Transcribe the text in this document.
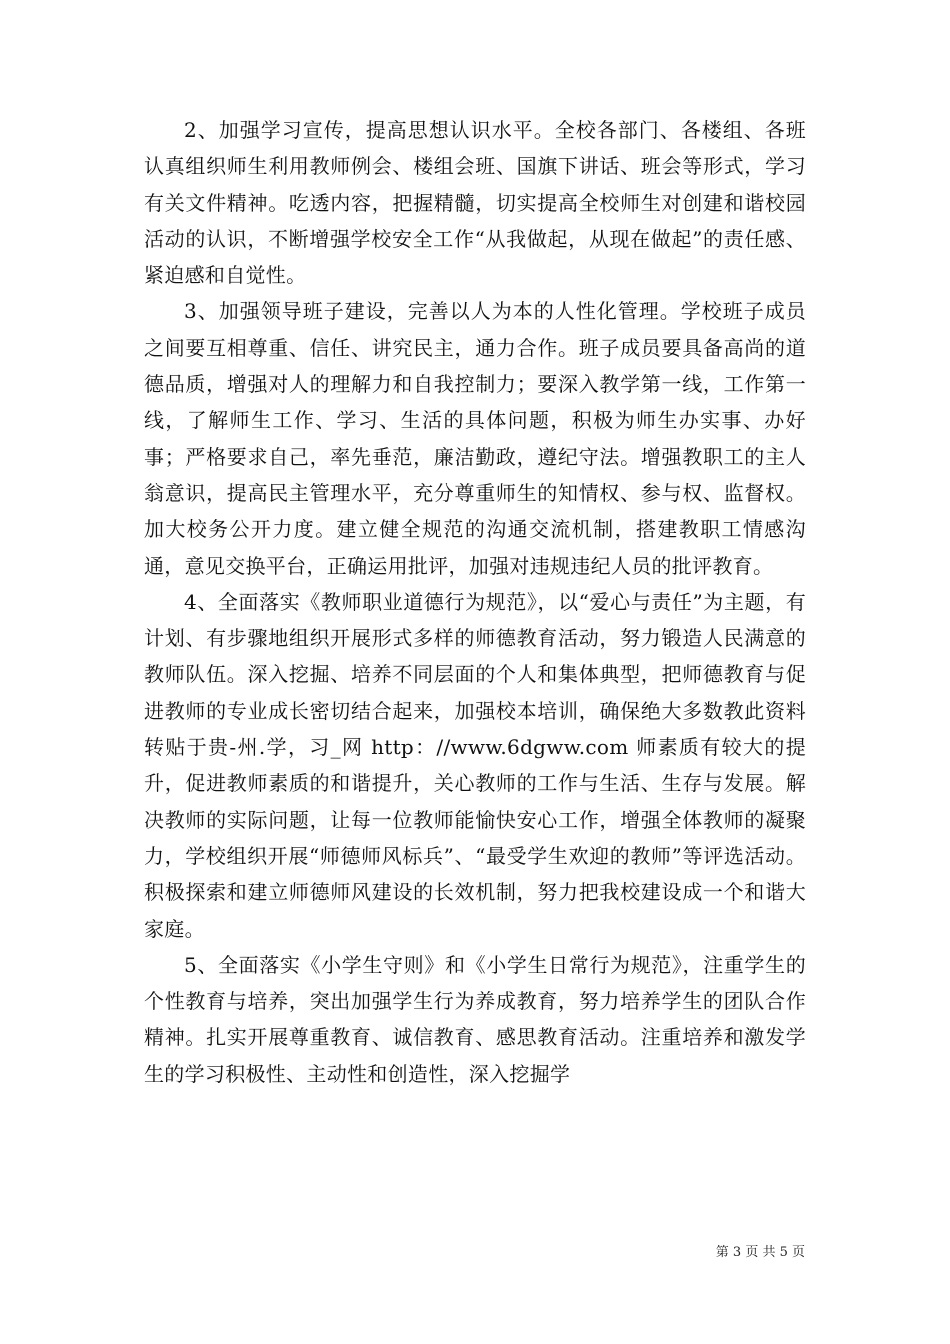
2、加强学习宣传，提高思想认识水平。全校各部门、各楼组、各班认真组织师生利用教师例会、楼组会班、国旗下讲话、班会等形式，学习有关文件精神。吃透内容，把握精髓，切实提高全校师生对创建和谐校园活动的认识，不断增强学校安全工作“从我做起，从现在做起”的责任感、紧迫感和自觉性。

3、加强领导班子建设，完善以人为本的人性化管理。学校班子成员之间要互相尊重、信任、讲究民主，通力合作。班子成员要具备高尚的道德品质，增强对人的理解力和自我控制力；要深入教学第一线，工作第一线，了解师生工作、学习、生活的具体问题，积极为师生办实事、办好事；严格要求自己，率先垂范，廉洁勤政，遵纪守法。增强教职工的主人翁意识，提高民主管理水平，充分尊重师生的知情权、参与权、监督权。加大校务公开力度。建立健全规范的沟通交流机制，搭建教职工情感沟通，意见交换平台，正确运用批评，加强对违规违纪人员的批评教育。

4、全面落实《教师职业道德行为规范》，以“爱心与责任”为主题，有计划、有步骤地组织开展形式多样的师德教育活动，努力锻造人民满意的教师队伍。深入挖掘、培养不同层面的个人和集体典型，把师德教育与促进教师的专业成长密切结合起来，加强校本培训，确保绝大多数教此资料转贴于贵-州.学，习_网 http：//www.6dgww.com 师素质有较大的提升，促进教师素质的和谐提升，关心教师的工作与生活、生存与发展。解决教师的实际问题，让每一位教师能愉快安心工作，增强全体教师的凝聚力，学校组织开展“师德师风标兵”、“最受学生欢迎的教师”等评选活动。积极探索和建立师德师风建设的长效机制，努力把我校建设成一个和谐大家庭。

5、全面落实《小学生守则》和《小学生日常行为规范》，注重学生的个性教育与培养，突出加强学生行为养成教育，努力培养学生的团队合作精神。扎实开展尊重教育、诚信教育、感思教育活动。注重培养和激发学生的学习积极性、主动性和创造性，深入挖掘学

第 3 页 共 5 页
